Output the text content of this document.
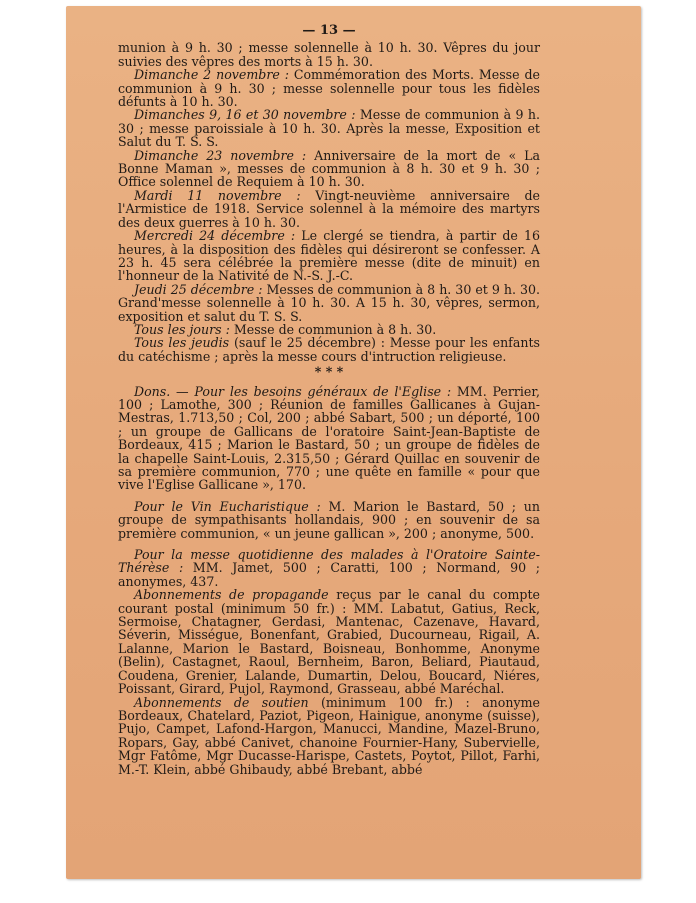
— 13 —

munion à 9 h. 30 ; messe solennelle à 10 h. 30. Vêpres du jour suivies des vêpres des morts à 15 h. 30.

Dimanche 2 novembre : Commémoration des Morts. Messe de communion à 9 h. 30 ; messe solennelle pour tous les fidèles défunts à 10 h. 30.

Dimanches 9, 16 et 30 novembre : Messe de communion à 9 h. 30 ; messe paroissiale à 10 h. 30. Après la messe, Exposition et Salut du T. S. S.

Dimanche 23 novembre : Anniversaire de la mort de « La Bonne Maman », messes de communion à 8 h. 30 et 9 h. 30 ; Office solennel de Requiem à 10 h. 30.

Mardi 11 novembre : Vingt-neuvième anniversaire de l'Armistice de 1918. Service solennel à la mémoire des martyrs des deux guerres à 10 h. 30.

Mercredi 24 décembre : Le clergé se tiendra, à partir de 16 heures, à la disposition des fidèles qui désireront se confesser. A 23 h. 45 sera célébrée la première messe (dite de minuit) en l'honneur de la Nativité de N.-S. J.-C.

Jeudi 25 décembre : Messes de communion à 8 h. 30 et 9 h. 30. Grand'messe solennelle à 10 h. 30. A 15 h. 30, vêpres, sermon, exposition et salut du T. S. S.

Tous les jours : Messe de communion à 8 h. 30.

Tous les jeudis (sauf le 25 décembre) : Messe pour les enfants du catéchisme ; après la messe cours d'intruction religieuse.

* * *

Dons. — Pour les besoins généraux de l'Eglise : MM. Perrier, 100 ; Lamothe, 300 ; Réunion de familles Gallicanes à Gujan-Mestras, 1.713,50 ; Col, 200 ; abbé Sabart, 500 ; un déporté, 100 ; un groupe de Gallicans de l'oratoire Saint-Jean-Baptiste de Bordeaux, 415 ; Marion le Bastard, 50 ; un groupe de fidèles de la chapelle Saint-Louis, 2.315,50 ; Gérard Quillac en souvenir de sa première communion, 770 ; une quête en famille « pour que vive l'Eglise Gallicane », 170.

Pour le Vin Eucharistique : M. Marion le Bastard, 50 ; un groupe de sympathisants hollandais, 900 ; en souvenir de sa première communion, « un jeune gallican », 200 ; anonyme, 500.

Pour la messe quotidienne des malades à l'Oratoire Sainte-Thérèse : MM. Jamet, 500 ; Caratti, 100 ; Normand, 90 ; anonymes, 437.

Abonnements de propagande reçus par le canal du compte courant postal (minimum 50 fr.) : MM. Labatut, Gatius, Reck, Sermoise, Chatagner, Gerdasi, Mantenac, Cazenave, Havard, Séverin, Misségue, Bonenfant, Grabied, Ducourneau, Rigail, A. Lalanne, Marion le Bastard, Boisneau, Bonhomme, Anonyme (Belin), Castagnet, Raoul, Bernheim, Baron, Beliard, Piautaud, Coudena, Grenier, Lalande, Dumartin, Delou, Boucard, Niéres, Poissant, Girard, Pujol, Raymond, Grasseau, abbé Maréchal.

Abonnements de soutien (minimum 100 fr.) : anonyme Bordeaux, Chatelard, Paziot, Pigeon, Hainigue, anonyme (suisse), Pujo, Campet, Lafond-Hargon, Manucci, Mandine, Mazel-Bruno, Ropars, Gay, abbé Canivet, chanoine Fournier-Hany, Subervielle, Mgr Fatôme, Mgr Ducasse-Harispe, Castets, Poytot, Pillot, Farhi, M.-T. Klein, abbé Ghibaudy, abbé Brebant, abbé
